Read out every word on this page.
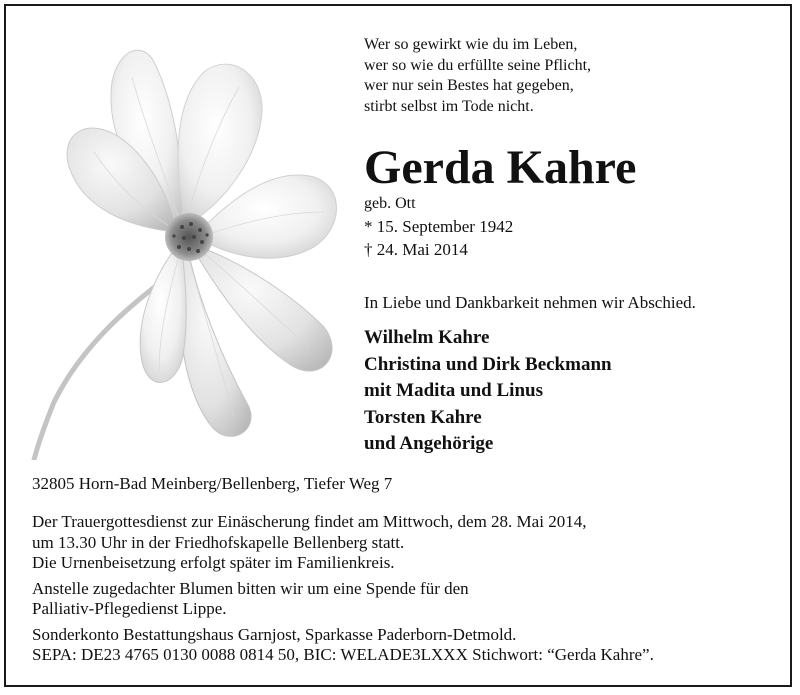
Wer so gewirkt wie du im Leben,
wer so wie du erfüllte seine Pflicht,
wer nur sein Bestes hat gegeben,
stirbt selbst im Tode nicht.
Gerda Kahre
geb. Ott
* 15. September 1942
† 24. Mai 2014
In Liebe und Dankbarkeit nehmen wir Abschied.
Wilhelm Kahre
Christina und Dirk Beckmann
mit Madita und Linus
Torsten Kahre
und Angehörige
32805 Horn-Bad Meinberg/Bellenberg, Tiefer Weg 7
Der Trauergottesdienst zur Einäscherung findet am Mittwoch, dem 28. Mai 2014,
um 13.30 Uhr in der Friedhofskapelle Bellenberg statt.
Die Urnenbeisetzung erfolgt später im Familienkreis.
Anstelle zugedachter Blumen bitten wir um eine Spende für den
Palliativ-Pflegedienst Lippe.
Sonderkonto Bestattungshaus Garnjost, Sparkasse Paderborn-Detmold.
SEPA: DE23 4765 0130 0088 0814 50, BIC: WELADE3LXXX Stichwort: “Gerda Kahre”.
